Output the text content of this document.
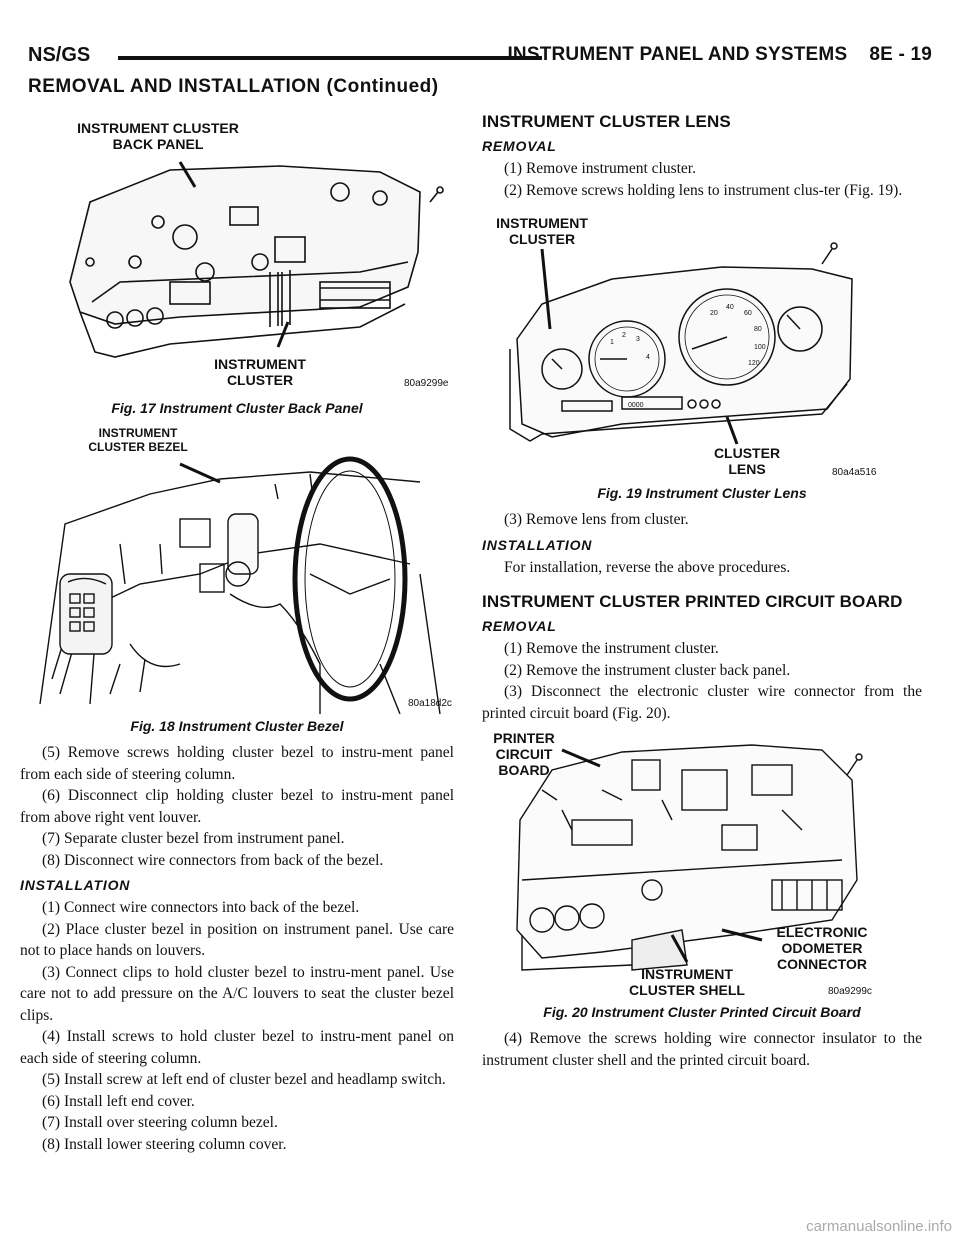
NS/GS	INSTRUMENT PANEL AND SYSTEMS 8E - 19
REMOVAL AND INSTALLATION (Continued)
INSTRUMENT CLUSTER BACK PANEL
INSTRUMENT CLUSTER	80a9299e
Fig. 17 Instrument Cluster Back Panel
INSTRUMENT CLUSTER BEZEL
80a18d2c
Fig. 18 Instrument Cluster Bezel

(5) Remove screws holding cluster bezel to instru-ment panel from each side of steering column.

(6) Disconnect clip holding cluster bezel to instru-ment panel from above right vent louver.

(7) Separate cluster bezel from instrument panel.

(8) Disconnect wire connectors from back of the bezel.

INSTALLATION

(1) Connect wire connectors into back of the bezel.

(2) Place cluster bezel in position on instrument panel. Use care not to place hands on louvers.

(3) Connect clips to hold cluster bezel to instru-ment panel. Use care not to add pressure on the A/C louvers to seat the cluster bezel clips.

(4) Install screws to hold cluster bezel to instru-ment panel on each side of steering column.

(5) Install screw at left end of cluster bezel and headlamp switch.

(6) Install left end cover.

(7) Install over steering column bezel.

(8) Install lower steering column cover.

INSTRUMENT CLUSTER LENS
REMOVAL

(1) Remove instrument cluster.

(2) Remove screws holding lens to instrument clus-ter (Fig. 19).

20
40
60
80
100
120
1
2
3
4
0000
INSTRUMENT CLUSTER
CLUSTER LENS	80a4a516
Fig. 19 Instrument Cluster Lens

(3) Remove lens from cluster.

INSTALLATION

For installation, reverse the above procedures.

INSTRUMENT CLUSTER PRINTED CIRCUIT BOARD
REMOVAL

(1) Remove the instrument cluster.

(2) Remove the instrument cluster back panel.

(3) Disconnect the electronic cluster wire connector from the printed circuit board (Fig. 20).

PRINTER CIRCUIT BOARD
ELECTRONIC ODOMETER CONNECTOR
INSTRUMENT CLUSTER SHELL	80a9299c
Fig. 20 Instrument Cluster Printed Circuit Board

(4) Remove the screws holding wire connector insulator to the instrument cluster shell and the printed circuit board.

carmanualsonline.info
